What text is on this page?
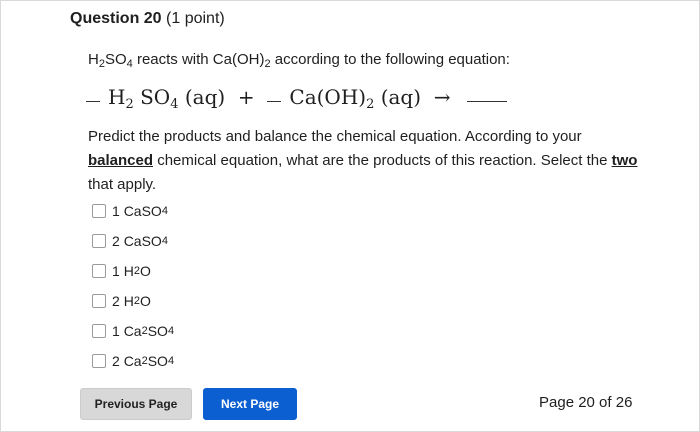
Question 20 (1 point)
$H_2SO_4$ reacts with $Ca(OH)_2$ according to the following equation:
$H_2$ $SO_4$ $(aq) + Ca(OH)_2$ (aq) →
Predict the products and balance the chemical equation. According to your balanced chemical equation, what are the products of this reaction. Select the two that apply.
1
CaSO 4
2
CaSO 4
1
H 2 O
2
H 2 O
1
Ca 2 SO 4
2
Ca 2 SO 4
Previous Page	Next Page	Page 20 of 26
